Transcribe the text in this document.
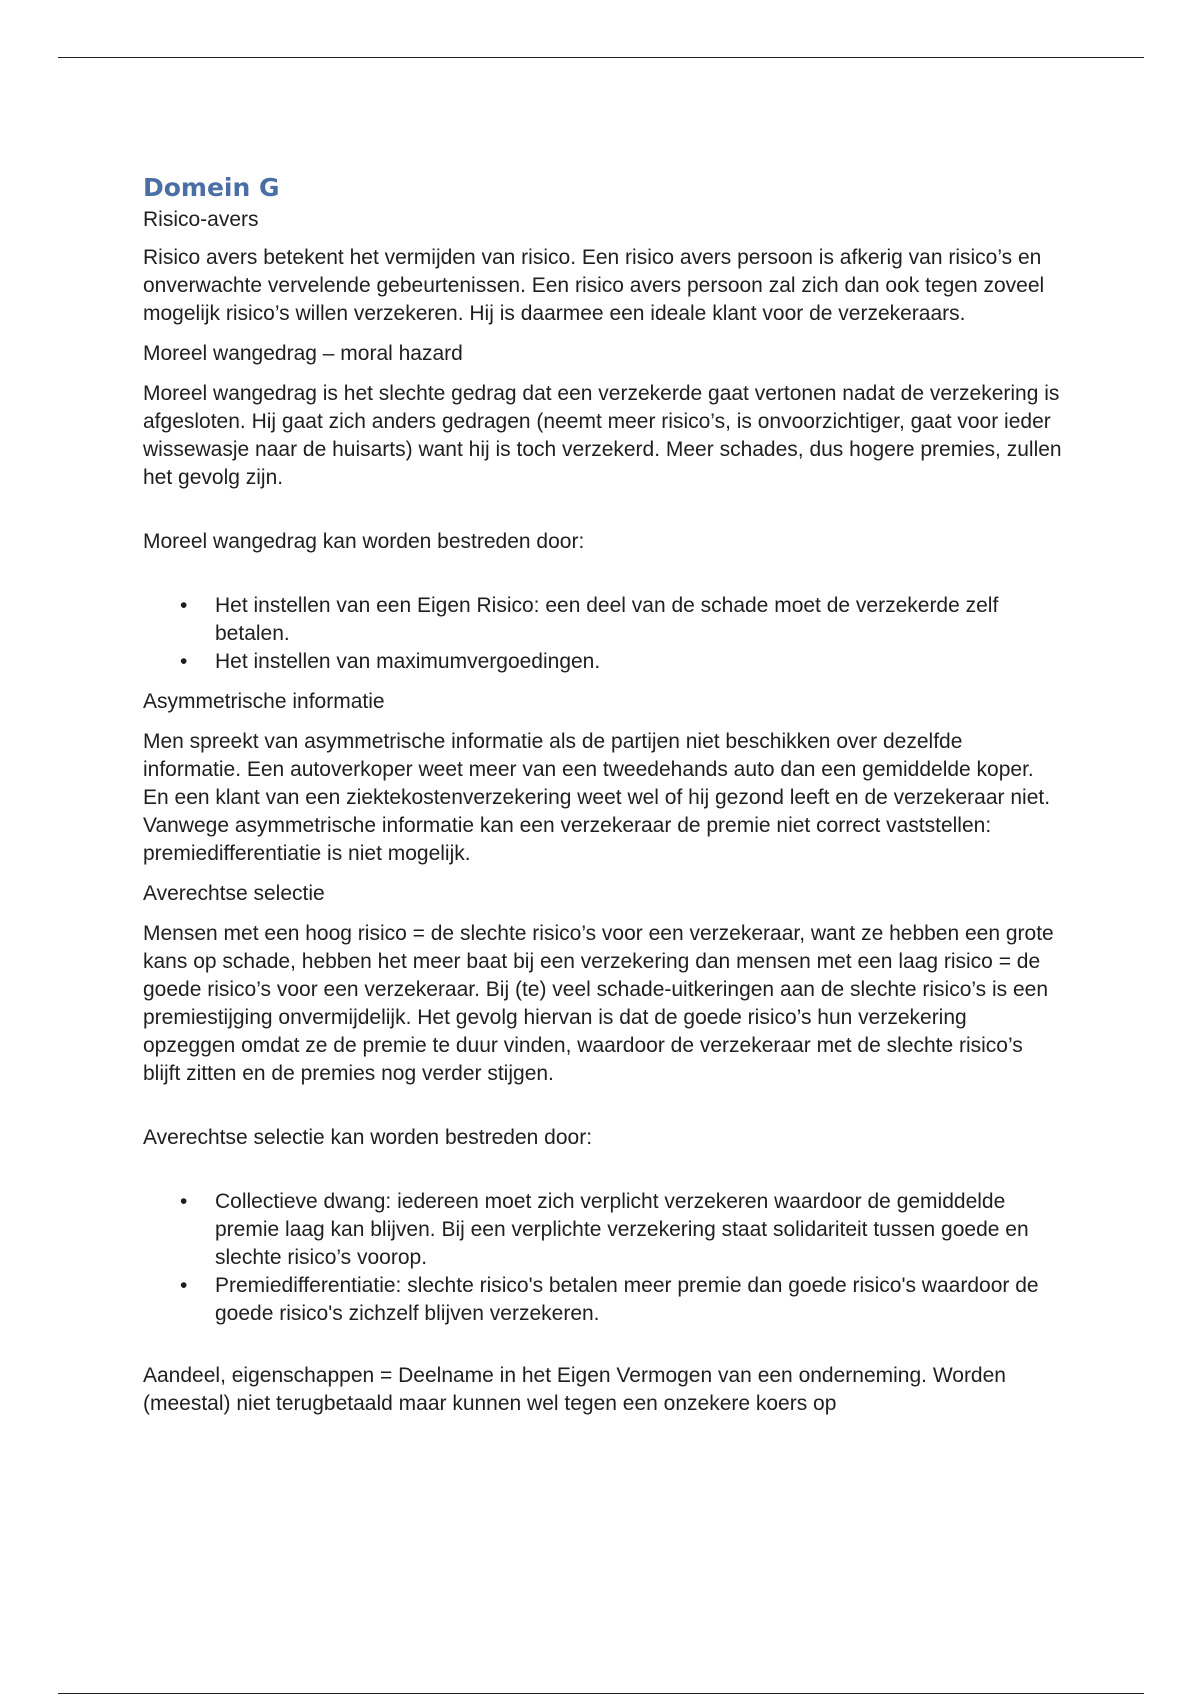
Domein G

Risico-avers

Risico avers betekent het vermijden van risico. Een risico avers persoon is afkerig van risico’s en onverwachte vervelende gebeurtenissen. Een risico avers persoon zal zich dan ook tegen zoveel mogelijk risico’s willen verzekeren. Hij is daarmee een ideale klant voor de verzekeraars.

Moreel wangedrag – moral hazard

Moreel wangedrag is het slechte gedrag dat een verzekerde gaat vertonen nadat de verzekering is afgesloten. Hij gaat zich anders gedragen (neemt meer risico’s, is onvoorzichtiger, gaat voor ieder wissewasje naar de huisarts) want hij is toch verzekerd. Meer schades, dus hogere premies, zullen het gevolg zijn.

Moreel wangedrag kan worden bestreden door:

• Het instellen van een Eigen Risico: een deel van de schade moet de verzekerde zelf betalen.
• Het instellen van maximumvergoedingen.

Asymmetrische informatie

Men spreekt van asymmetrische informatie als de partijen niet beschikken over dezelfde informatie. Een autoverkoper weet meer van een tweedehands auto dan een gemiddelde koper. En een klant van een ziektekostenverzekering weet wel of hij gezond leeft en de verzekeraar niet. Vanwege asymmetrische informatie kan een verzekeraar de premie niet correct vaststellen: premiedifferentiatie is niet mogelijk.

Averechtse selectie

Mensen met een hoog risico = de slechte risico’s voor een verzekeraar, want ze hebben een grote kans op schade, hebben het meer baat bij een verzekering dan mensen met een laag risico = de goede risico’s voor een verzekeraar. Bij (te) veel schade-uitkeringen aan de slechte risico’s is een premiestijging onvermijdelijk. Het gevolg hiervan is dat de goede risico’s hun verzekering opzeggen omdat ze de premie te duur vinden, waardoor de verzekeraar met de slechte risico’s blijft zitten en de premies nog verder stijgen.

Averechtse selectie kan worden bestreden door:

• Collectieve dwang: iedereen moet zich verplicht verzekeren waardoor de gemiddelde premie laag kan blijven. Bij een verplichte verzekering staat solidariteit tussen goede en slechte risico’s voorop.
• Premiedifferentiatie: slechte risico's betalen meer premie dan goede risico's waardoor de goede risico's zichzelf blijven verzekeren.

Aandeel, eigenschappen = Deelname in het Eigen Vermogen van een onderneming. Worden (meestal) niet terugbetaald maar kunnen wel tegen een onzekere koers op
